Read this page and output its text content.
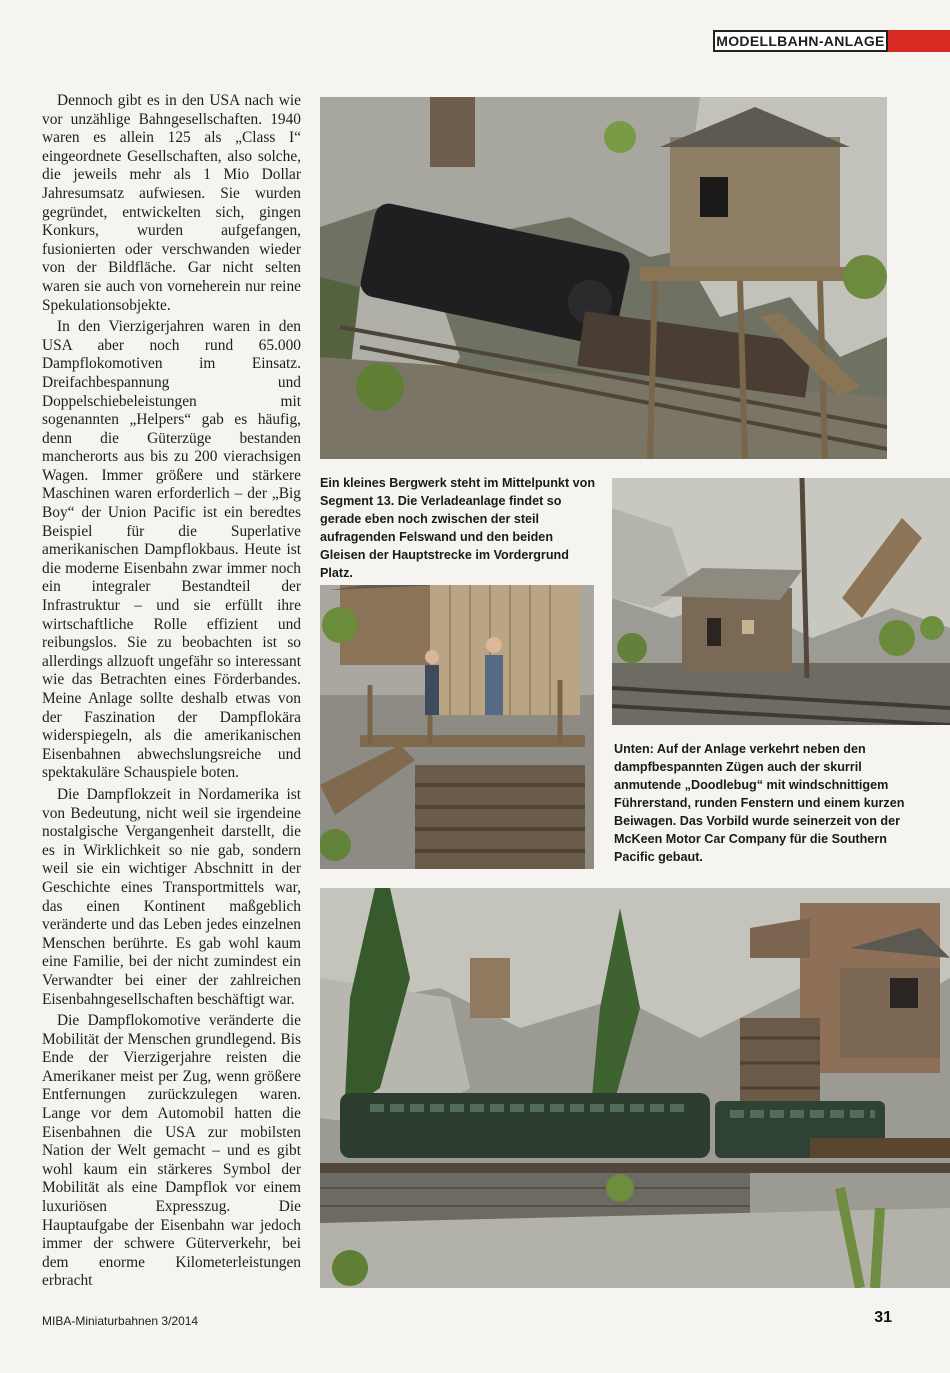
MODELLBAHN-ANLAGE

Dennoch gibt es in den USA nach wie vor unzählige Bahngesellschaften. 1940 waren es allein 125 als „Class I“ eingeordnete Gesellschaften, also solche, die jeweils mehr als 1 Mio Dollar Jahresumsatz aufwiesen. Sie wurden gegründet, entwickelten sich, gingen Konkurs, wurden aufgefangen, fusionierten oder verschwanden wieder von der Bildfläche. Gar nicht selten waren sie auch von vorneherein nur reine Spekulationsobjekte.

In den Vierzigerjahren waren in den USA aber noch rund 65.000 Dampflokomotiven im Einsatz. Dreifachbespannung und Doppelschiebeleistungen mit sogenannten „Helpers“ gab es häufig, denn die Güterzüge bestanden mancherorts aus bis zu 200 vierachsigen Wagen. Immer größere und stärkere Maschinen waren erforderlich – der „Big Boy“ der Union Pacific ist ein beredtes Beispiel für die Superlative amerikanischen Dampflokbaus. Heute ist die moderne Eisenbahn zwar immer noch ein integraler Bestandteil der Infrastruktur – und sie erfüllt ihre wirtschaftliche Rolle effizient und reibungslos. Sie zu beobachten ist so allerdings allzuoft ungefähr so interessant wie das Betrachten eines Förderbandes. Meine Anlage sollte deshalb etwas von der Faszination der Dampflokära widerspiegeln, als die amerikanischen Eisenbahnen abwechslungsreiche und spektakuläre Schauspiele boten.

Die Dampflokzeit in Nordamerika ist von Bedeutung, nicht weil sie irgendeine nostalgische Vergangenheit darstellt, die es in Wirklichkeit so nie gab, sondern weil sie ein wichtiger Abschnitt in der Geschichte eines Transportmittels war, das einen Kontinent maßgeblich veränderte und das Leben jedes einzelnen Menschen berührte. Es gab wohl kaum eine Familie, bei der nicht zumindest ein Verwandter bei einer der zahlreichen Eisenbahngesellschaften beschäftigt war.

Die Dampflokomotive veränderte die Mobilität der Menschen grundlegend. Bis Ende der Vierzigerjahre reisten die Amerikaner meist per Zug, wenn größere Entfernungen zurückzulegen waren. Lange vor dem Automobil hatten die Eisenbahnen die USA zur mobilsten Nation der Welt gemacht – und es gibt wohl kaum ein stärkeres Symbol der Mobilität als eine Dampflok vor einem luxuriösen Expresszug. Die Hauptaufgabe der Eisenbahn war jedoch immer der schwere Güterverkehr, bei dem enorme Kilometerleistungen erbracht

Ein kleines Bergwerk steht im Mittelpunkt von Segment 13. Die Verladeanlage findet so gerade eben noch zwischen der steil aufragenden Felswand und den beiden Gleisen der Hauptstrecke im Vordergrund Platz.
Unten: Auf der Anlage verkehrt neben den dampfbespannten Zügen auch der skurril anmutende „Doodlebug“ mit windschnittigem Führerstand, runden Fenstern und einem kurzen Beiwagen. Das Vorbild wurde seinerzeit von der McKeen Motor Car Company für die Southern Pacific gebaut.
MIBA-Miniaturbahnen 3/2014	31
